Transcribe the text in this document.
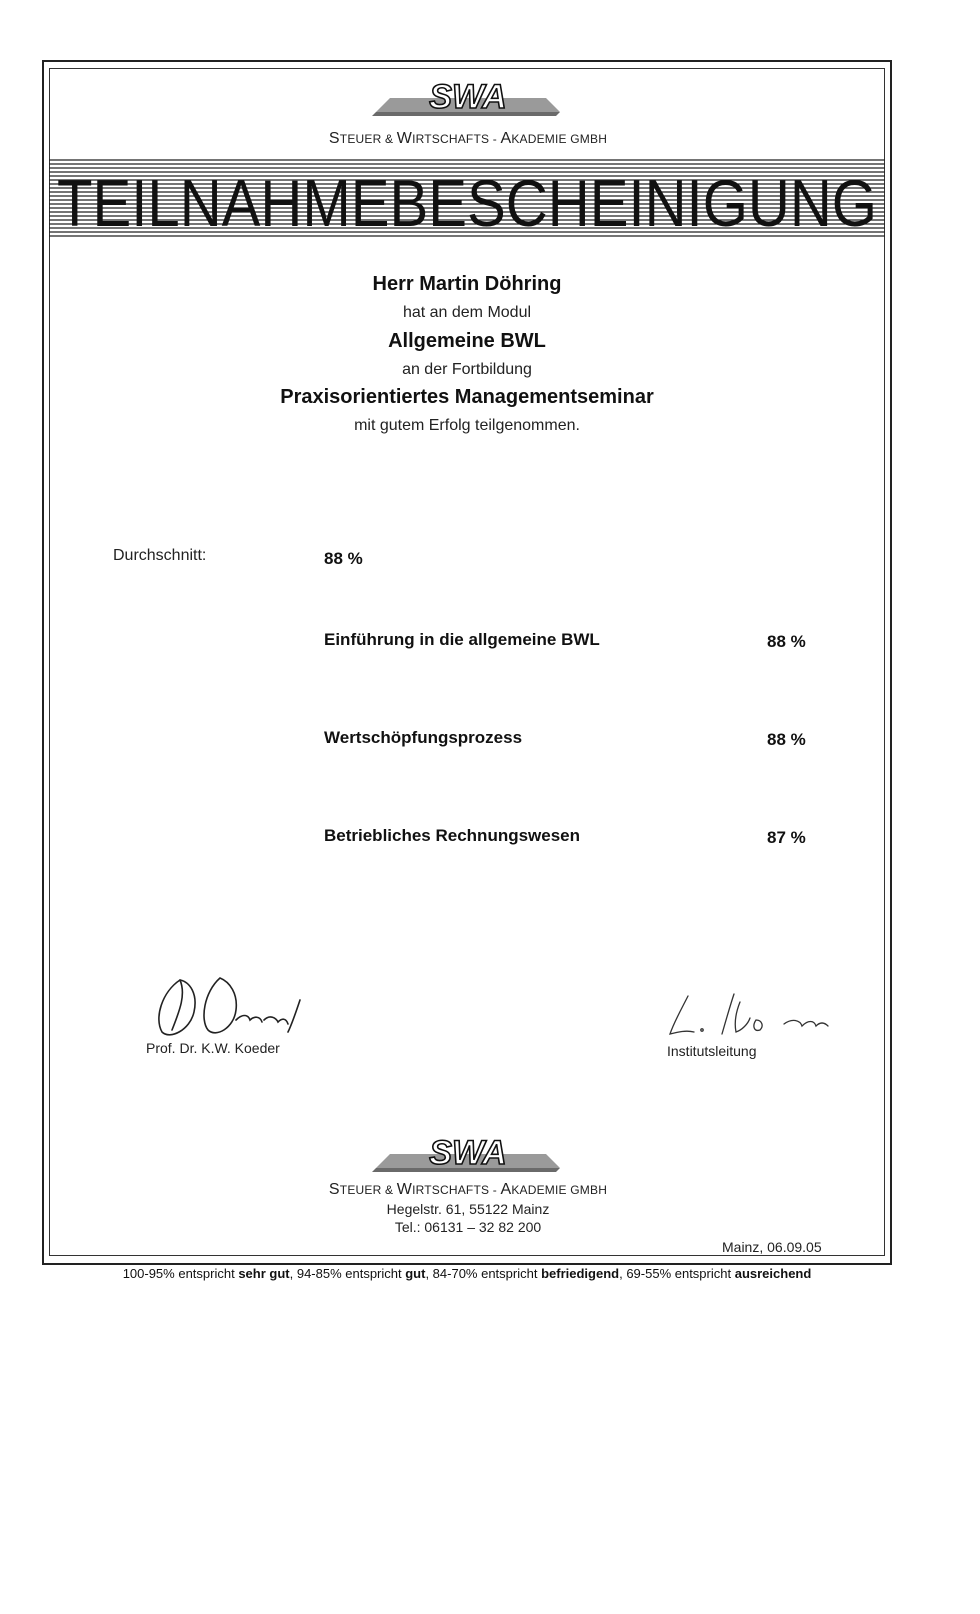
SWA
STEUER & WIRTSCHAFTS - AKADEMIE GMBH
TEILNAHMEBESCHEINIGUNG
Herr Martin Döhring
hat an dem Modul
Allgemeine BWL
an der Fortbildung
Praxisorientiertes Managementseminar
mit gutem Erfolg teilgenommen.
Durchschnitt:	88 %
Einführung in die allgemeine BWL	88 %
Wertschöpfungsprozess	88 %
Betriebliches Rechnungswesen	87 %
Prof. Dr. K.W. Koeder	Institutsleitung
SWA
STEUER & WIRTSCHAFTS - AKADEMIE GMBH
Hegelstr. 61, 55122 Mainz
Tel.: 06131 – 32 82 200
Mainz, 06.09.05
100-95% entspricht sehr gut, 94-85% entspricht gut, 84-70% entspricht befriedigend, 69-55% entspricht ausreichend
